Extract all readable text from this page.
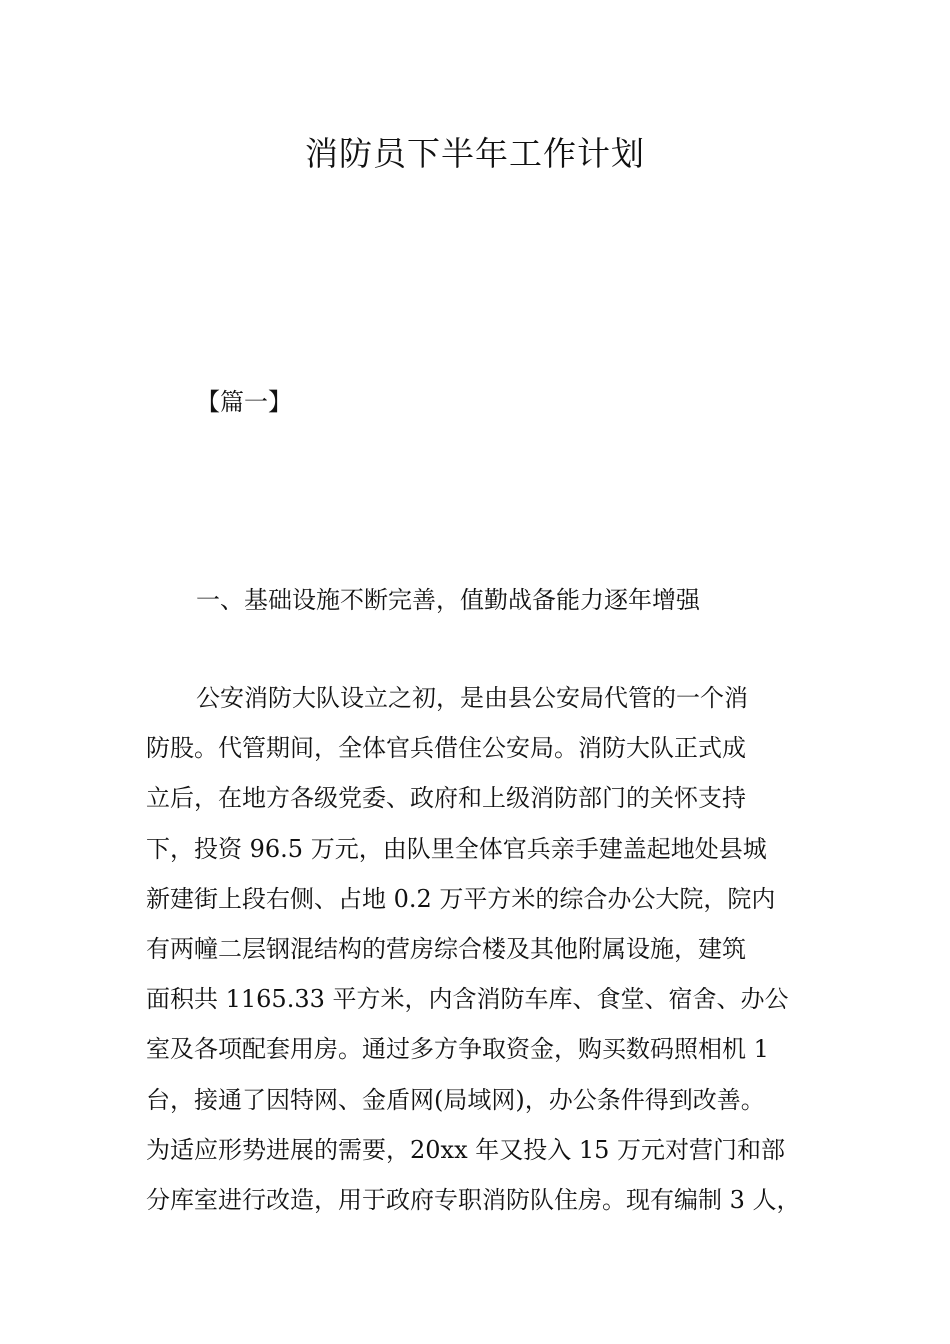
消防员下半年工作计划
【篇一】
一、基础设施不断完善，值勤战备能力逐年增强
公安消防大队设立之初，是由县公安局代管的一个消
防股。代管期间，全体官兵借住公安局。消防大队正式成
立后，在地方各级党委、政府和上级消防部门的关怀支持
下，投资 96.5 万元，由队里全体官兵亲手建盖起地处县城
新建街上段右侧、占地 0.2 万平方米的综合办公大院，院内
有两幢二层钢混结构的营房综合楼及其他附属设施，建筑
面积共 1165.33 平方米，内含消防车库、食堂、宿舍、办公
室及各项配套用房。通过多方争取资金，购买数码照相机 1
台，接通了因特网、金盾网(局域网)，办公条件得到改善。
为适应形势进展的需要，20xx 年又投入 15 万元对营门和部
分库室进行改造，用于政府专职消防队住房。现有编制 3 人，
